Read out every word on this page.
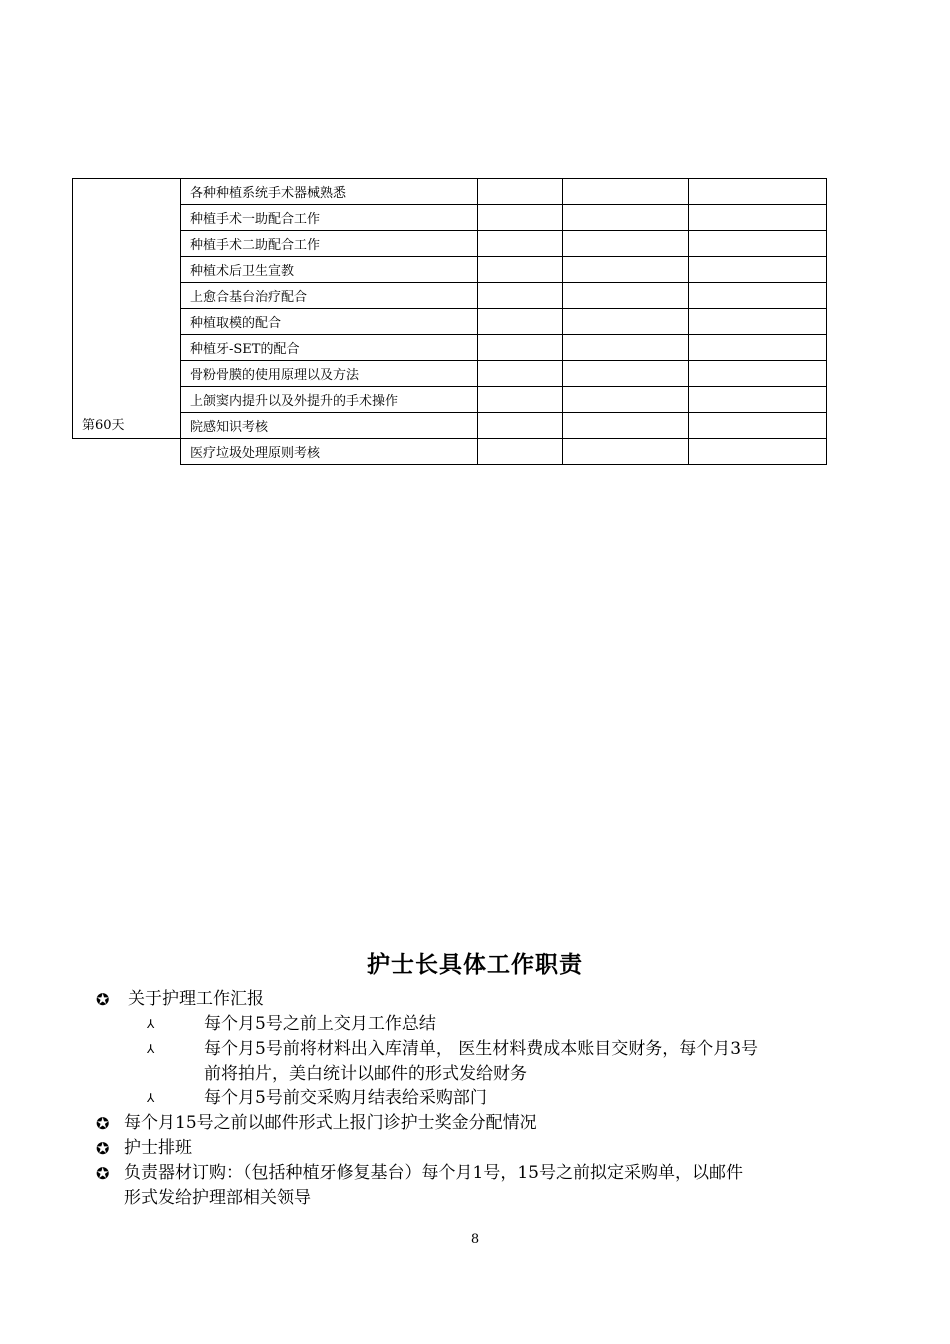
第60天	各种种植系统手术器械熟悉			
	种植手术一助配合工作			
	种植手术二助配合工作			
	种植术后卫生宣教			
	上愈合基台治疗配合			
	种植取模的配合			
	种植牙-SET的配合			
	骨粉骨膜的使用原理以及方法			
	上颌窦内提升以及外提升的手术操作			
	院感知识考核			
	医疗垃圾处理原则考核			
护士长具体工作职责
✪ 关于护理工作汇报
⅄	每个月5号之前上交月工作总结
⅄	每个月5号前将材料出入库清单， 医生材料费成本账目交财务，每个月3号
前将拍片，美白统计以邮件的形式发给财务
⅄	每个月5号前交采购月结表给采购部门
✪ 每个月15号之前以邮件形式上报门诊护士奖金分配情况
✪ 护士排班
✪ 负责器材订购：（包括种植牙修复基台）每个月1号，15号之前拟定采购单，以邮件
形式发给护理部相关领导
8
